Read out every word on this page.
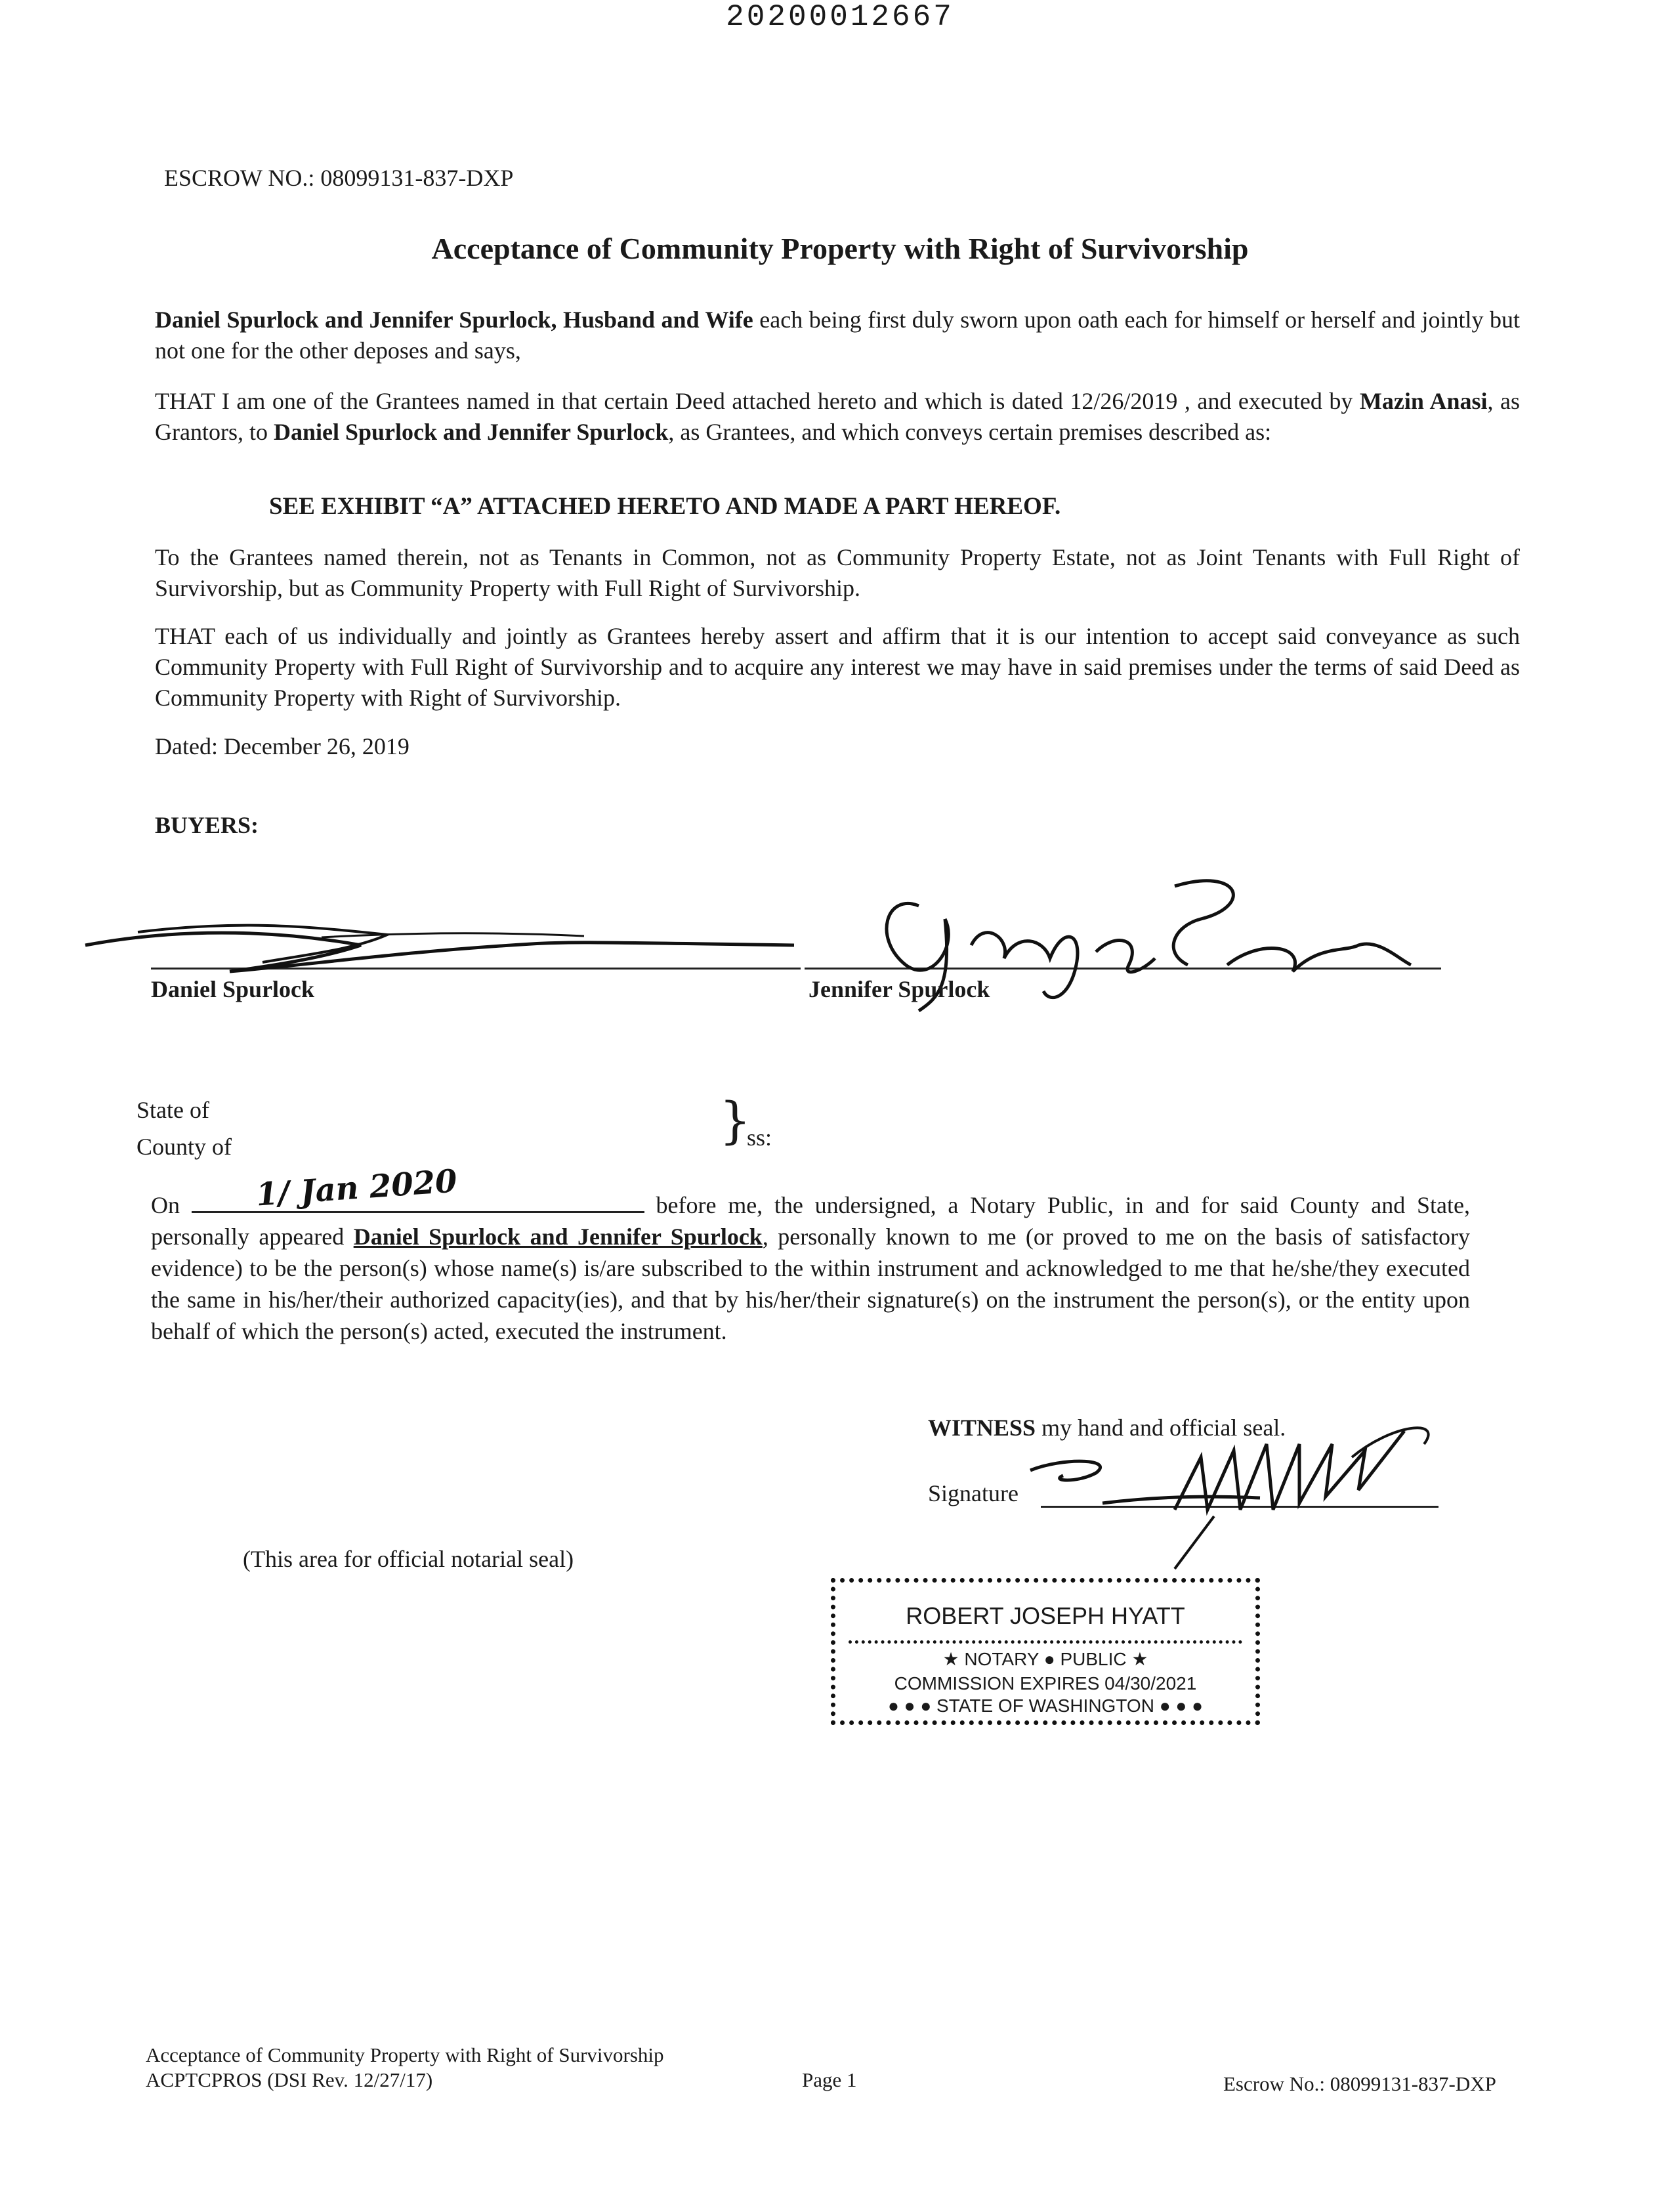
20200012667
ESCROW NO.: 08099131-837-DXP
Acceptance of Community Property with Right of Survivorship
Daniel Spurlock and Jennifer Spurlock, Husband and Wife each being first duly sworn upon oath each for himself or herself and jointly but not one for the other deposes and says,
THAT I am one of the Grantees named in that certain Deed attached hereto and which is dated 12/26/2019 , and executed by Mazin Anasi, as Grantors, to Daniel Spurlock and Jennifer Spurlock, as Grantees, and which conveys certain premises described as:
SEE EXHIBIT “A” ATTACHED HERETO AND MADE A PART HEREOF.
To the Grantees named therein, not as Tenants in Common, not as Community Property Estate, not as Joint Tenants with Full Right of Survivorship, but as Community Property with Full Right of Survivorship.
THAT each of us individually and jointly as Grantees hereby assert and affirm that it is our intention to accept said conveyance as such Community Property with Full Right of Survivorship and to acquire any interest we may have in said premises under the terms of said Deed as Community Property with Right of Survivorship.
Dated: December 26, 2019
BUYERS:
Daniel Spurlock	Jennifer Spurlock
State of
County of	}
ss:
On	before me, the undersigned, a Notary Public, in and for said County and State, personally appeared Daniel Spurlock and Jennifer Spurlock, personally known to me (or proved to me on the basis of satisfactory evidence) to be the person(s) whose name(s) is/are subscribed to the within instrument and acknowledged to me that he/she/they executed the same in his/her/their authorized capacity(ies), and that by his/her/their signature(s) on the instrument the person(s), or the entity upon behalf of which the person(s) acted, executed the instrument.
1/ Jan 2020
WITNESS my hand and official seal.
Signature
(This area for official notarial seal)
ROBERT JOSEPH HYATT
★ NOTARY ● PUBLIC ★
COMMISSION EXPIRES 04/30/2021
● ● ● STATE OF WASHINGTON ● ● ●
Acceptance of Community Property with Right of Survivorship
ACPTCPROS (DSI Rev. 12/27/17)	Page 1	Escrow No.: 08099131-837-DXP
